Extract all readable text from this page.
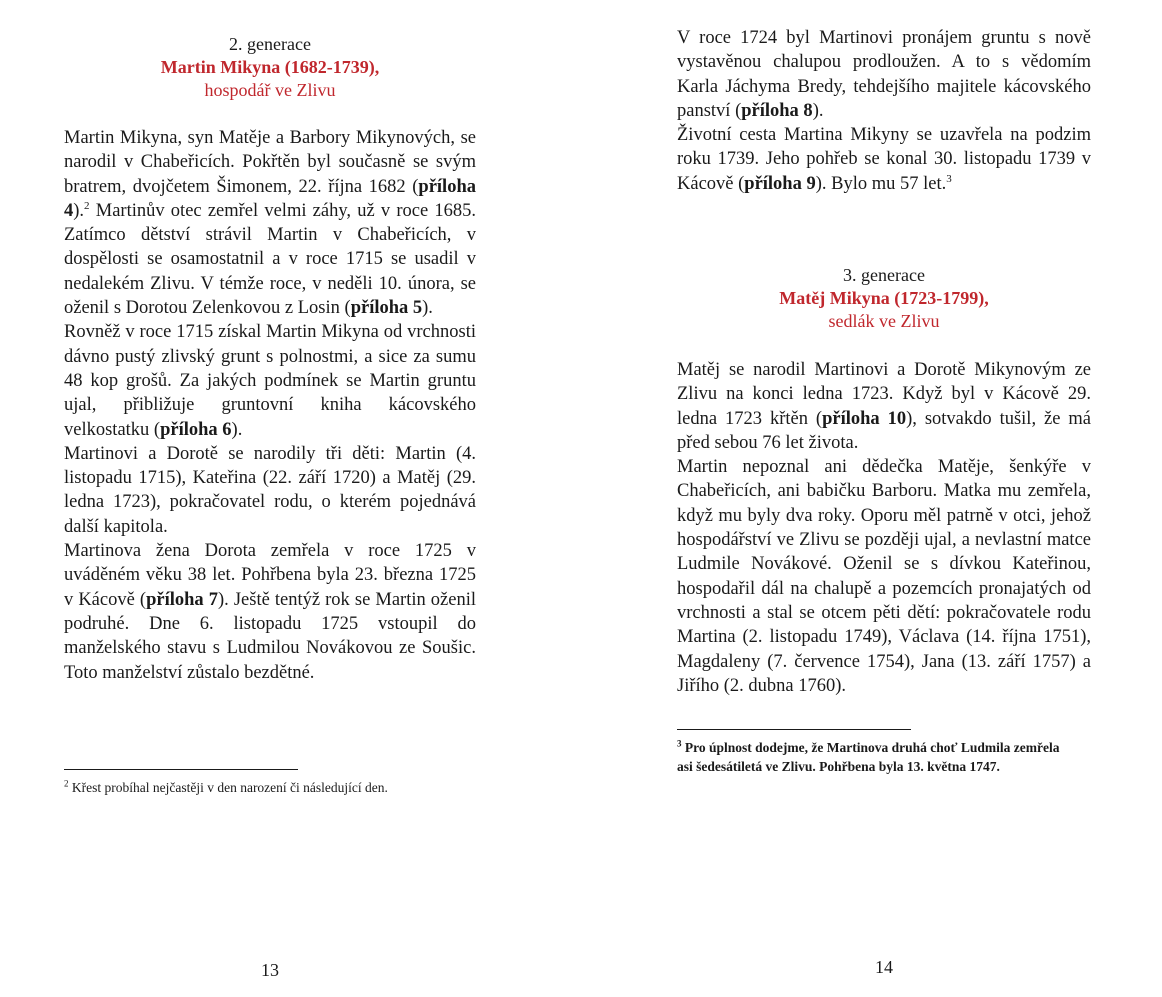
2. generace
Martin Mikyna (1682-1739),
hospodář ve Zlivu

Martin Mikyna, syn Matěje a Barbory Mikynových, se narodil v Chabeřicích. Pokřtěn byl současně se svým bratrem, dvojčetem Šimonem, 22. října 1682 (příloha 4).$^2$ Martinův otec zemřel velmi záhy, už v roce 1685. Zatímco dětství strávil Martin v Chabeřicích, v dospělosti se osamostatnil a v roce 1715 se usadil v nedalekém Zlivu. V témže roce, v neděli 10. února, se oženil s Dorotou Zelenkovou z Losin (příloha 5).

Rovněž v roce 1715 získal Martin Mikyna od vrchnosti dávno pustý zlivský grunt s polnostmi, a sice za sumu 48 kop grošů. Za jakých podmínek se Martin gruntu ujal, přibližuje gruntovní kniha kácovského velkostatku (příloha 6).

Martinovi a Dorotě se narodily tři děti: Martin (4. listopadu 1715), Kateřina (22. září 1720) a Matěj (29. ledna 1723), pokračovatel rodu, o kterém pojednává další kapitola.

Martinova žena Dorota zemřela v roce 1725 v uváděném věku 38 let. Pohřbena byla 23. března 1725 v Kácově (příloha 7). Ještě tentýž rok se Martin oženil podruhé. Dne 6. listopadu 1725 vstoupil do manželského stavu s Ludmilou Novákovou ze Soušic. Toto manželství zůstalo bezdětné.

$^2$ Křest probíhal nejčastěji v den narození či následující den.
13

V roce 1724 byl Martinovi pronájem gruntu s nově vystavěnou chalupou prodloužen. A to s vědomím Karla Jáchyma Bredy, tehdejšího majitele kácovského panství (příloha 8).

Životní cesta Martina Mikyny se uzavřela na podzim roku 1739. Jeho pohřeb se konal 30. listopadu 1739 v Kácově (příloha 9). Bylo mu 57 let.$^3$

3. generace
Matěj Mikyna (1723-1799),
sedlák ve Zlivu

Matěj se narodil Martinovi a Dorotě Mikynovým ze Zlivu na konci ledna 1723. Když byl v Kácově 29. ledna 1723 křtěn (příloha 10), sotvakdo tušil, že má před sebou 76 let života.

Martin nepoznal ani dědečka Matěje, šenkýře v Chabeřicích, ani babičku Barboru. Matka mu zemřela, když mu byly dva roky. Oporu měl patrně v otci, jehož hospodářství ve Zlivu se později ujal, a nevlastní matce Ludmile Novákové. Oženil se s dívkou Kateřinou, hospodařil dál na chalupě a pozemcích pronajatých od vrchnosti a stal se otcem pěti dětí: pokračovatele rodu Martina (2. listopadu 1749), Václava (14. října 1751), Magdaleny (7. července 1754), Jana (13. září 1757) a Jiřího (2. dubna 1760).

$^3$ Pro úplnost dodejme, že Martinova druhá choť Ludmila zemřela asi šedesátiletá ve Zlivu. Pohřbena byla 13. května 1747.
14
